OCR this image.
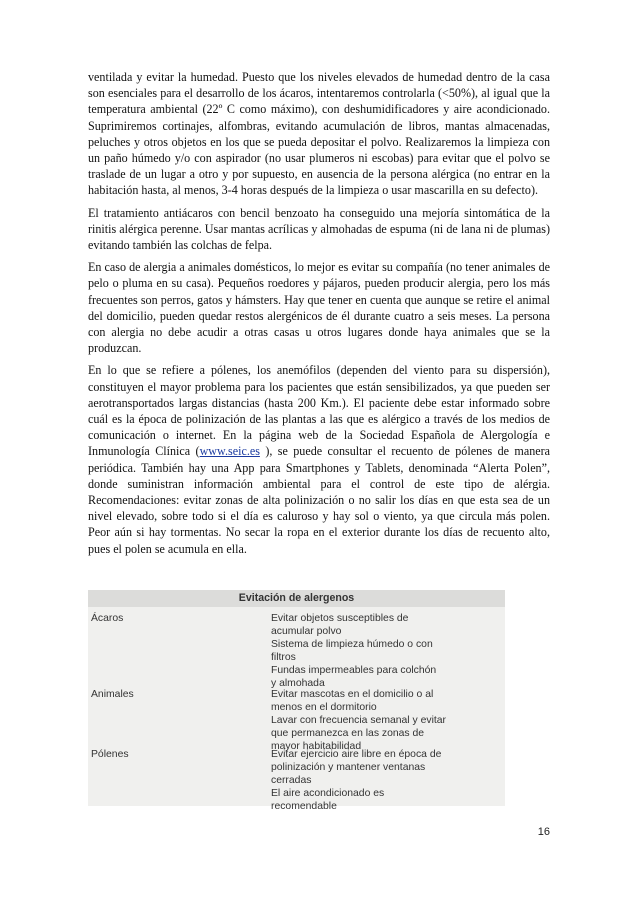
ventilada y evitar la humedad. Puesto que los niveles elevados de humedad dentro de la casa son esenciales para el desarrollo de los ácaros, intentaremos controlarla (<50%), al igual que la temperatura ambiental (22º C como máximo), con deshumidificadores y aire acondicionado. Suprimiremos cortinajes, alfombras, evitando acumulación de libros, mantas almacenadas, peluches y otros objetos en los que se pueda depositar el polvo. Realizaremos la limpieza con un paño húmedo y/o con aspirador (no usar plumeros ni escobas) para evitar que el polvo se traslade de un lugar a otro y por supuesto, en ausencia de la persona alérgica (no entrar en la habitación hasta, al menos, 3-4 horas después de la limpieza o usar mascarilla en su defecto).

El tratamiento antiácaros con bencil benzoato ha conseguido una mejoría sintomática de la rinitis alérgica perenne. Usar mantas acrílicas y almohadas de espuma (ni de lana ni de plumas) evitando también las colchas de felpa.

En caso de alergia a animales domésticos, lo mejor es evitar su compañía (no tener animales de pelo o pluma en su casa). Pequeños roedores y pájaros, pueden producir alergia, pero los más frecuentes son perros, gatos y hámsters. Hay que tener en cuenta que aunque se retire el animal del domicilio, pueden quedar restos alergénicos de él durante cuatro a seis meses. La persona con alergia no debe acudir a otras casas u otros lugares donde haya animales que se la produzcan.

En lo que se refiere a pólenes, los anemófilos (dependen del viento para su dispersión), constituyen el mayor problema para los pacientes que están sensibilizados, ya que pueden ser aerotransportados largas distancias (hasta 200 Km.). El paciente debe estar informado sobre cuál es la época de polinización de las plantas a las que es alérgico a través de los medios de comunicación o internet. En la página web de la Sociedad Española de Alergología e Inmunología Clínica (www.seic.es ), se puede consultar el recuento de pólenes de manera periódica. También hay una App para Smartphones y Tablets, denominada “Alerta Polen”, donde suministran información ambiental para el control de este tipo de alérgia. Recomendaciones: evitar zonas de alta polinización o no salir los días en que esta sea de un nivel elevado, sobre todo si el día es caluroso y hay sol o viento, ya que circula más polen. Peor aún si hay tormentas. No secar la ropa en el exterior durante los días de recuento alto, pues el polen se acumula en ella.

Evitación de alergenos
Ácaros	Evitar objetos susceptibles de
acumular polvo
Sistema de limpieza húmedo o con
filtros
Fundas impermeables para colchón
y almohada
Animales	Evitar mascotas en el domicilio o al
menos en el dormitorio
Lavar con frecuencia semanal y evitar
que permanezca en las zonas de
mayor habitabilidad
Pólenes	Evitar ejercicio aire libre en época de
polinización y mantener ventanas
cerradas
El aire acondicionado es
recomendable
16
